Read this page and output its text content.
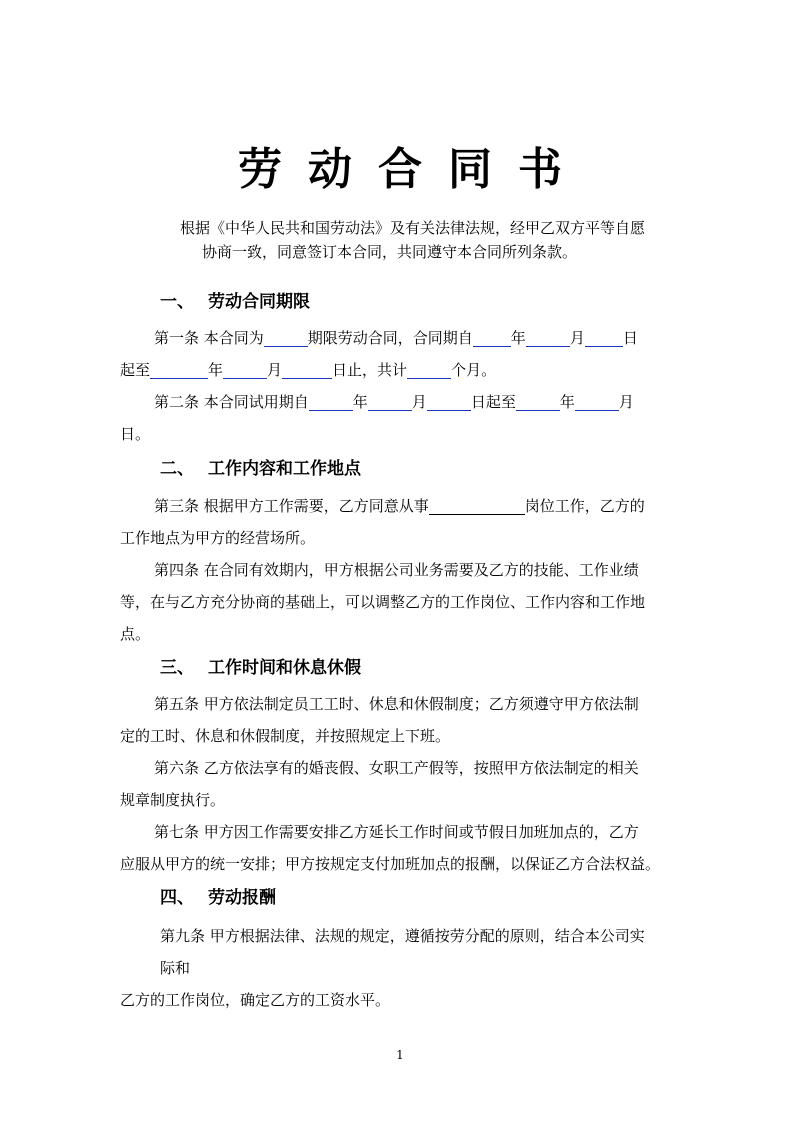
劳动合同书
根据《中华人民共和国劳动法》及有关法律法规，经甲乙双方平等自愿
协商一致，同意签订本合同，共同遵守本合同所列条款。
一、 劳动合同期限

第一条 本合同为	期限劳动合同，合同期自	年	月	日

起至	年	月	日止，共计	个月。

第二条 本合同试用期自	年	月	日起至	年	月

日。

二、 工作内容和工作地点

第三条 根据甲方工作需要，乙方同意从事	岗位工作，乙方的

工作地点为甲方的经营场所。

第四条 在合同有效期内，甲方根据公司业务需要及乙方的技能、工作业绩

等，在与乙方充分协商的基础上，可以调整乙方的工作岗位、工作内容和工作地

点。

三、 工作时间和休息休假

第五条 甲方依法制定员工工时、休息和休假制度；乙方须遵守甲方依法制

定的工时、休息和休假制度，并按照规定上下班。

第六条 乙方依法享有的婚丧假、女职工产假等，按照甲方依法制定的相关

规章制度执行。

第七条 甲方因工作需要安排乙方延长工作时间或节假日加班加点的，乙方

应服从甲方的统一安排；甲方按规定支付加班加点的报酬，以保证乙方合法权益。

四、 劳动报酬

第九条 甲方根据法律、法规的规定，遵循按劳分配的原则，结合本公司实

际和

乙方的工作岗位，确定乙方的工资水平。

1
